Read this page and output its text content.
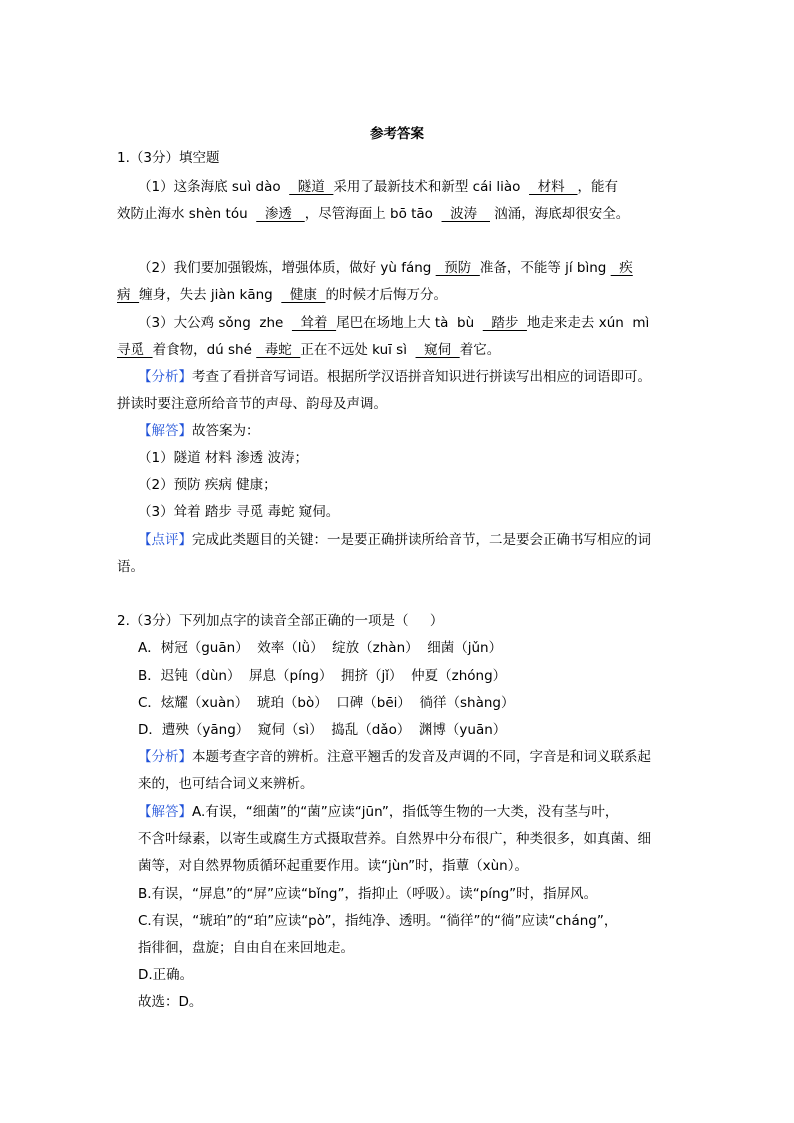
参考答案
1.（3分）填空题
（1）这条海底 suì dào    隧道  采用了最新技术和新型 cái liào    材料   ，能有
效防止海水 shèn tóu    渗透   ，尽管海面上 bō tāo    波涛    汹涌，海底却很安全。
（2）我们要加强锻炼，增强体质，做好 yù fáng   预防  准备，不能等 jí bìng   疾
病  缠身，失去 jiàn kāng    健康  的时候才后悔万分。
（3）大公鸡 sǒng  zhe    耸着  尾巴在场地上大 tà  bù    踏步  地走来走去 xún  mì
寻觅  着食物，dú shé   毒蛇  正在不远处 kuī sì    窥伺  着它。
【分析】考查了看拼音写词语。根据所学汉语拼音知识进行拼读写出相应的词语即可。
拼读时要注意所给音节的声母、韵母及声调。
【解答】故答案为：
（1）隧道 材料 渗透 波涛；
（2）预防 疾病 健康；
（3）耸着 踏步 寻觅 毒蛇 窥伺。
【点评】完成此类题目的关键：一是要正确拼读所给音节，二是要会正确书写相应的词
语。
2.（3分）下列加点字的读音全部正确的一项是（     ）
A．树冠（guān）  效率（lǜ）  绽放（zhàn）  细菌（jǔn）
B．迟钝（dùn）  屏息（píng）  拥挤（jǐ）  仲夏（zhóng）
C．炫耀（xuàn）  琥珀（bò）  口碑（bēi）  徜徉（shàng）
D．遭殃（yāng）  窥伺（sì）  捣乱（dǎo）  渊博（yuān）
【分析】本题考查字音的辨析。注意平翘舌的发音及声调的不同，字音是和词义联系起
来的，也可结合词义来辨析。
【解答】A.有误，“细菌”的“菌”应读“jūn”，指低等生物的一大类，没有茎与叶，
不含叶绿素，以寄生或腐生方式摄取营养。自然界中分布很广，种类很多，如真菌、细
菌等，对自然界物质循环起重要作用。读“jùn”时，指蕈（xùn）。
B.有误，“屏息”的“屏”应读“bǐng”，指抑止（呼吸）。读“píng”时，指屏风。
C.有误，“琥珀”的“珀”应读“pò”，指纯净、透明。“徜徉”的“徜”应读“cháng”，
指徘徊，盘旋；自由自在来回地走。
D.正确。
故选：D。
